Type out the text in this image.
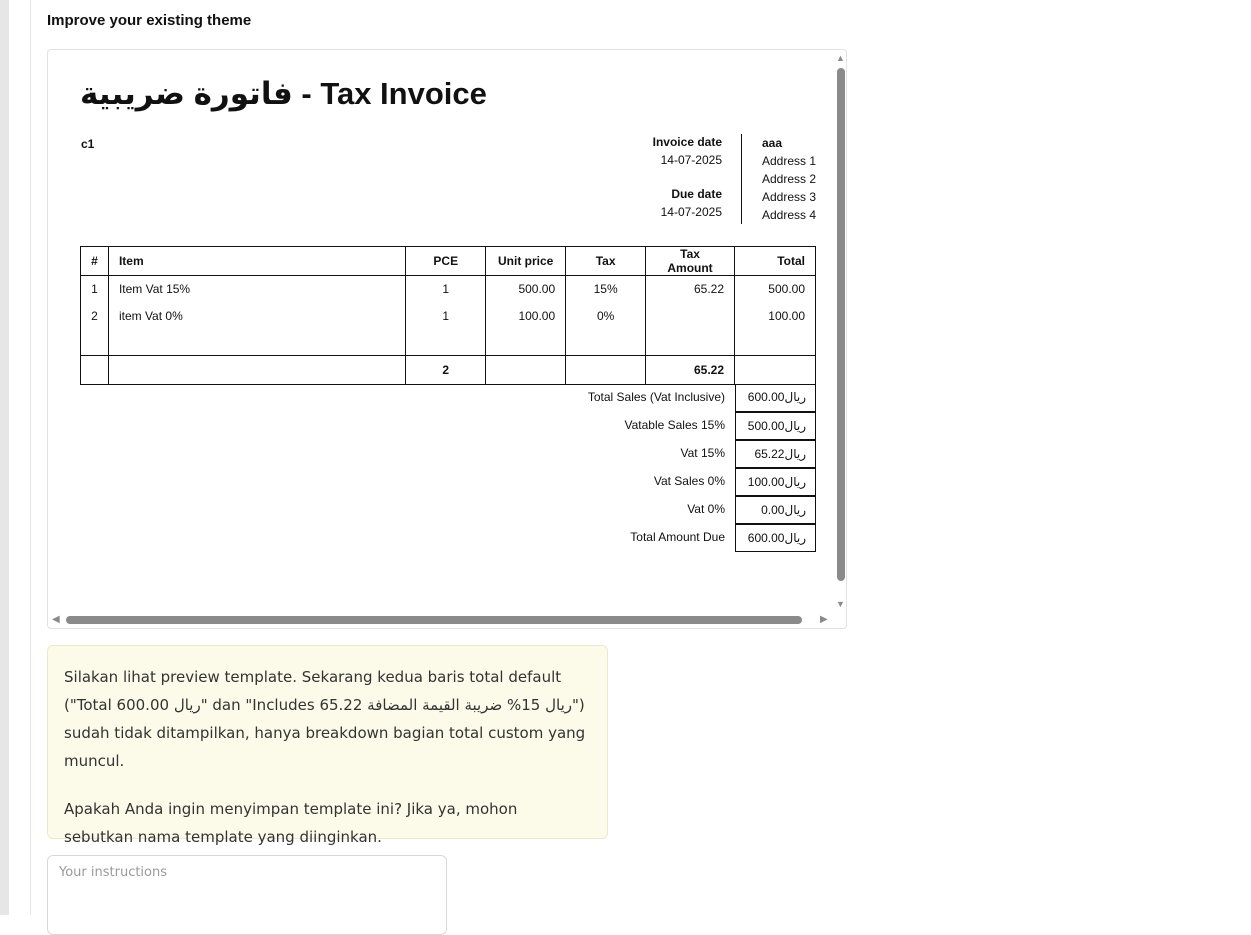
Improve your existing theme
فاتورة ضريبية - Tax Invoice
c1	Invoice date
14-07-2025
Due date
14-07-2025
aaa
Address 1
Address 2
Address 3
Address 4
#	Item	PCE	Unit price	Tax	Tax Amount	Total
1	Item Vat 15%	1	500.00	15%	65.22	500.00
2	item Vat 0%	1	100.00	0%		100.00

		2			65.22	
Total Sales (Vat Inclusive)	600.00ريال
Vatable Sales 15%	500.00ريال
Vat 15%	65.22ريال
Vat Sales 0%	100.00ريال
Vat 0%	0.00ريال
Total Amount Due	600.00ريال
▲
▼
◀	▶

Silakan lihat preview template. Sekarang kedua baris total default ("Total 600.00 ريال" dan "Includes 65.22 ريال 15% ضريبة القيمة المضافة") sudah tidak ditampilkan, hanya breakdown bagian total custom yang muncul.

Apakah Anda ingin menyimpan template ini? Jika ya, mohon sebutkan nama template yang diinginkan.

Your instructions
